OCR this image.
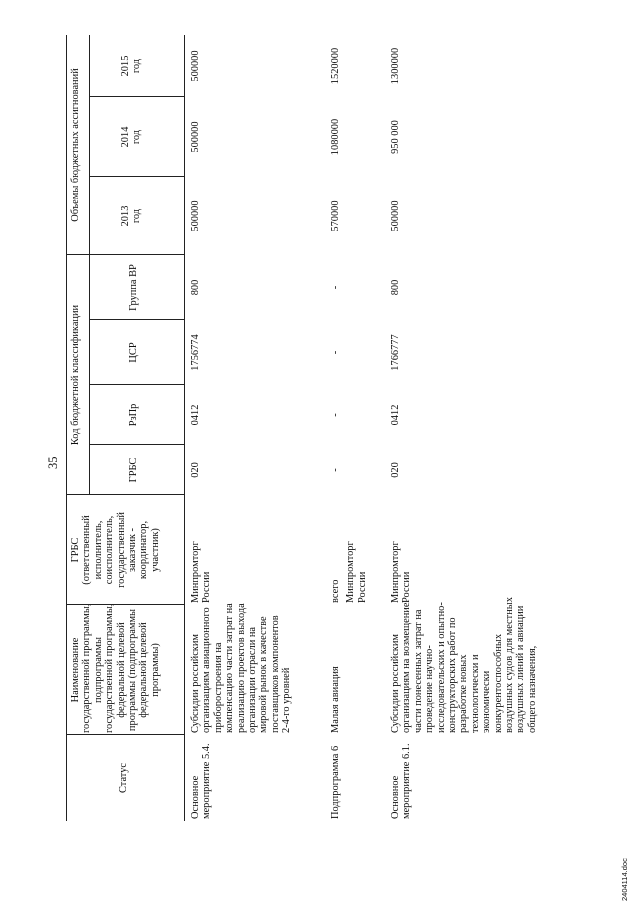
35
Статус
Наименование
государственной программы,
подпрограммы
государственной программы,
федеральной целевой
программы (подпрограммы
федеральной целевой
программы)
ГРБС
(ответственный
исполнитель,
соисполнитель,
государственный
заказчик -
координатор,
участник)
Код бюджетной классификации
Объемы бюджетных ассигнований
ГРБС
РзПр
ЦСР
Группа ВР
2013
год
2014
год
2015
год
Основное
мероприятие 5.4.
Субсидии российским
организациям авиационного
приборостроения на
компенсацию части затрат на
реализацию проектов выхода
организации отрасли на
мировой рынок в качестве
поставщиков компонентов
2-4-го уровней
Минпромторг
России
020
0412
1756774
800
500000
500000
500000
Подпрограмма 6
Малая авиация
всего Минпромторг
России
-
-
-
-
570000
1080000
1520000
Основное
мероприятие 6.1.
Субсидии российским
организациям на возмещение
части понесенных затрат на
проведение научно-
исследовательских и опытно-
конструкторских работ по
разработке новых
технологически и
экономически
конкурентоспособных
воздушных судов для местных
воздушных линий и авиации
общего назначения,
Минпромторг
России
020
0412
1766777
800
500000
950 000
1300000
2404114.doc
